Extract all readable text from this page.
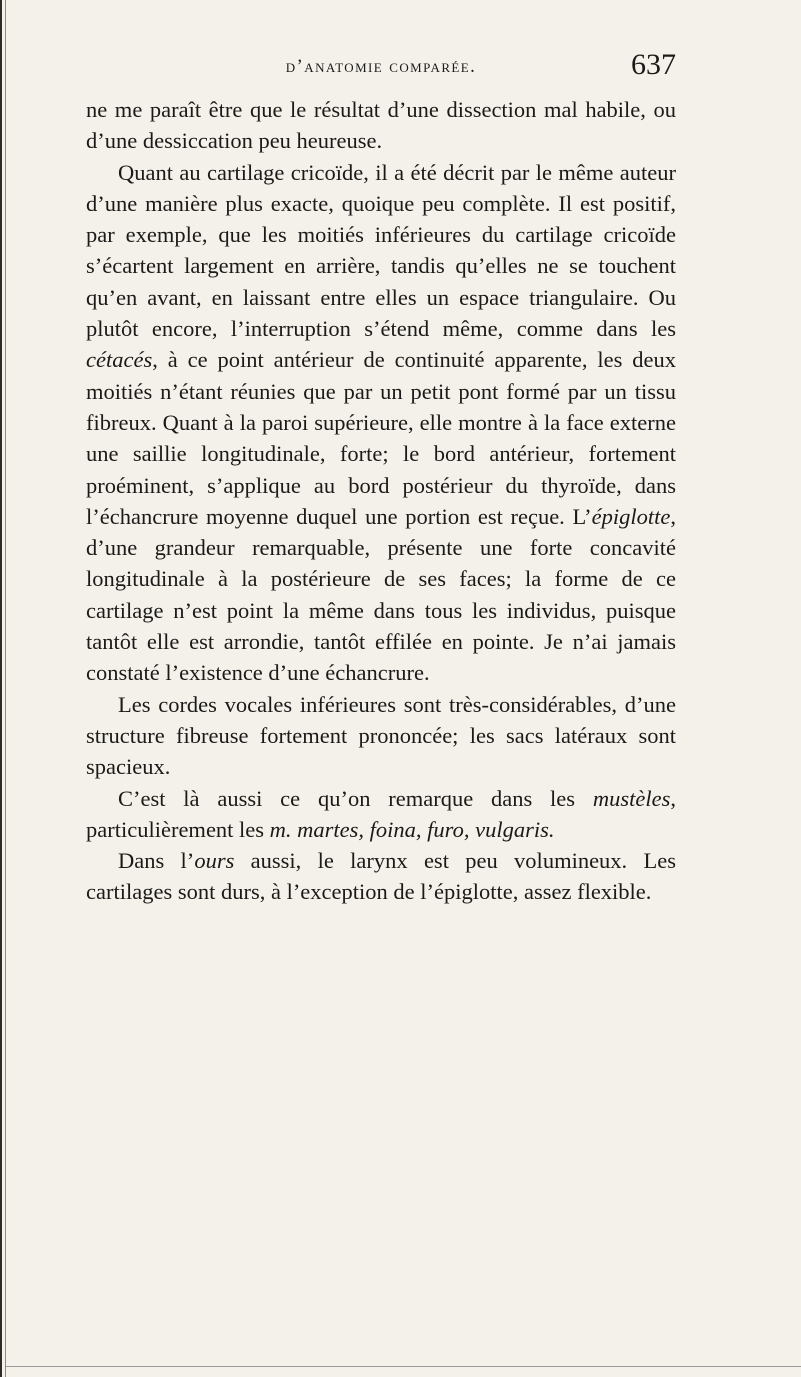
d’anatomie comparée.	637
ne me paraît être que le résultat d’une dissection mal habile, ou d’une dessiccation peu heureuse.
Quant au cartilage cricoïde, il a été décrit par le même auteur d’une manière plus exacte, quoique peu complète. Il est positif, par exemple, que les moitiés inférieures du cartilage cricoïde s’écartent largement en arrière, tandis qu’elles ne se touchent qu’en avant, en laissant entre elles un espace triangulaire. Ou plutôt encore, l’interruption s’étend même, comme dans les cétacés, à ce point antérieur de continuité apparente, les deux moitiés n’étant réunies que par un petit pont formé par un tissu fibreux. Quant à la paroi supérieure, elle montre à la face externe une saillie longitudinale, forte; le bord antérieur, fortement proéminent, s’applique au bord postérieur du thyroïde, dans l’échancrure moyenne duquel une portion est reçue. L’épiglotte, d’une grandeur remarquable, présente une forte concavité longitudinale à la postérieure de ses faces; la forme de ce cartilage n’est point la même dans tous les individus, puisque tantôt elle est arrondie, tantôt effilée en pointe. Je n’ai jamais constaté l’existence d’une échancrure.
Les cordes vocales inférieures sont très-considérables, d’une structure fibreuse fortement prononcée; les sacs latéraux sont spacieux.
C’est là aussi ce qu’on remarque dans les mustèles, particulièrement les m. martes, foina, furo, vulgaris.
Dans l’ours aussi, le larynx est peu volumineux. Les cartilages sont durs, à l’exception de l’épiglotte, assez flexible.
